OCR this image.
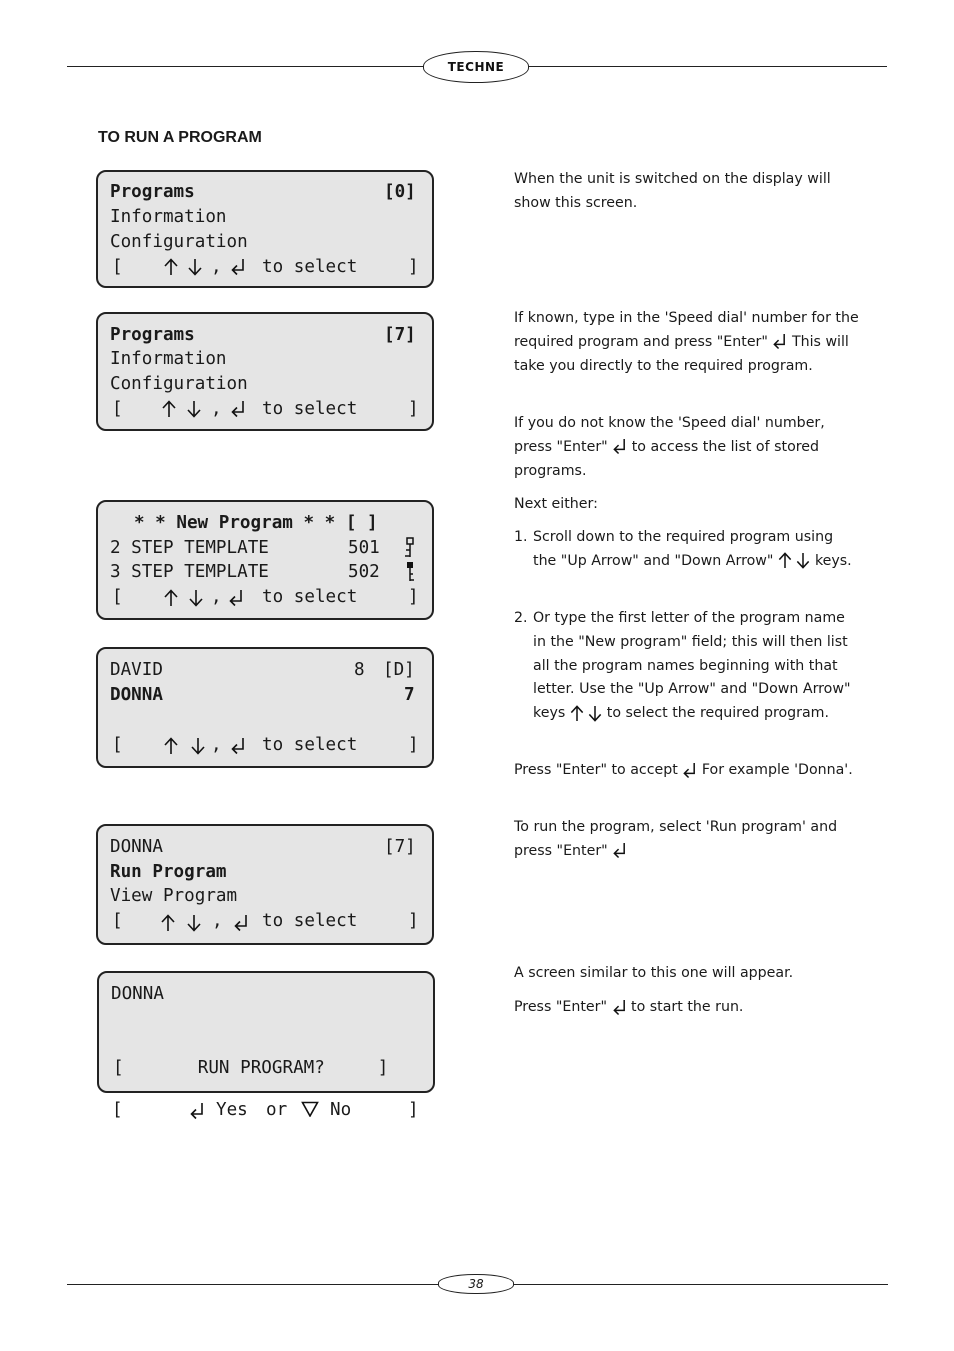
TECHNE
38
TO RUN A PROGRAM
Programs	[0]
Information
Configuration
[	, to select	]
Programs	[7]
Information
Configuration
[	, to select	]
* * New Program * * [ ]
2 STEP TEMPLATE	501
3 STEP TEMPLATE	502
[	, to select	]
DAVID	8 [D]
DONNA	7
[	, to select	]
DONNA	[7]
Run Program
View Program
[	, to select	]
DONNA
[       RUN PROGRAM?     ]
[	Yes or No	]

When the unit is switched on the display will show this screen.

If known, type in the 'Speed dial' number for the required program and press "Enter" This will take you directly to the required program.

If you do not know the 'Speed dial' number, press "Enter" to access the list of stored programs.

Next either:

1. Scroll down to the required program using the "Up Arrow" and "Down Arrow"	keys.
2. Or type the first letter of the program name in the "New program" field; this will then list all the program names beginning with that letter. Use the "Up Arrow" and "Down Arrow" keys	to select the required program.

Press "Enter" to accept For example 'Donna'.

To run the program, select 'Run program' and press "Enter"

A screen similar to this one will appear.

Press "Enter" to start the run.
